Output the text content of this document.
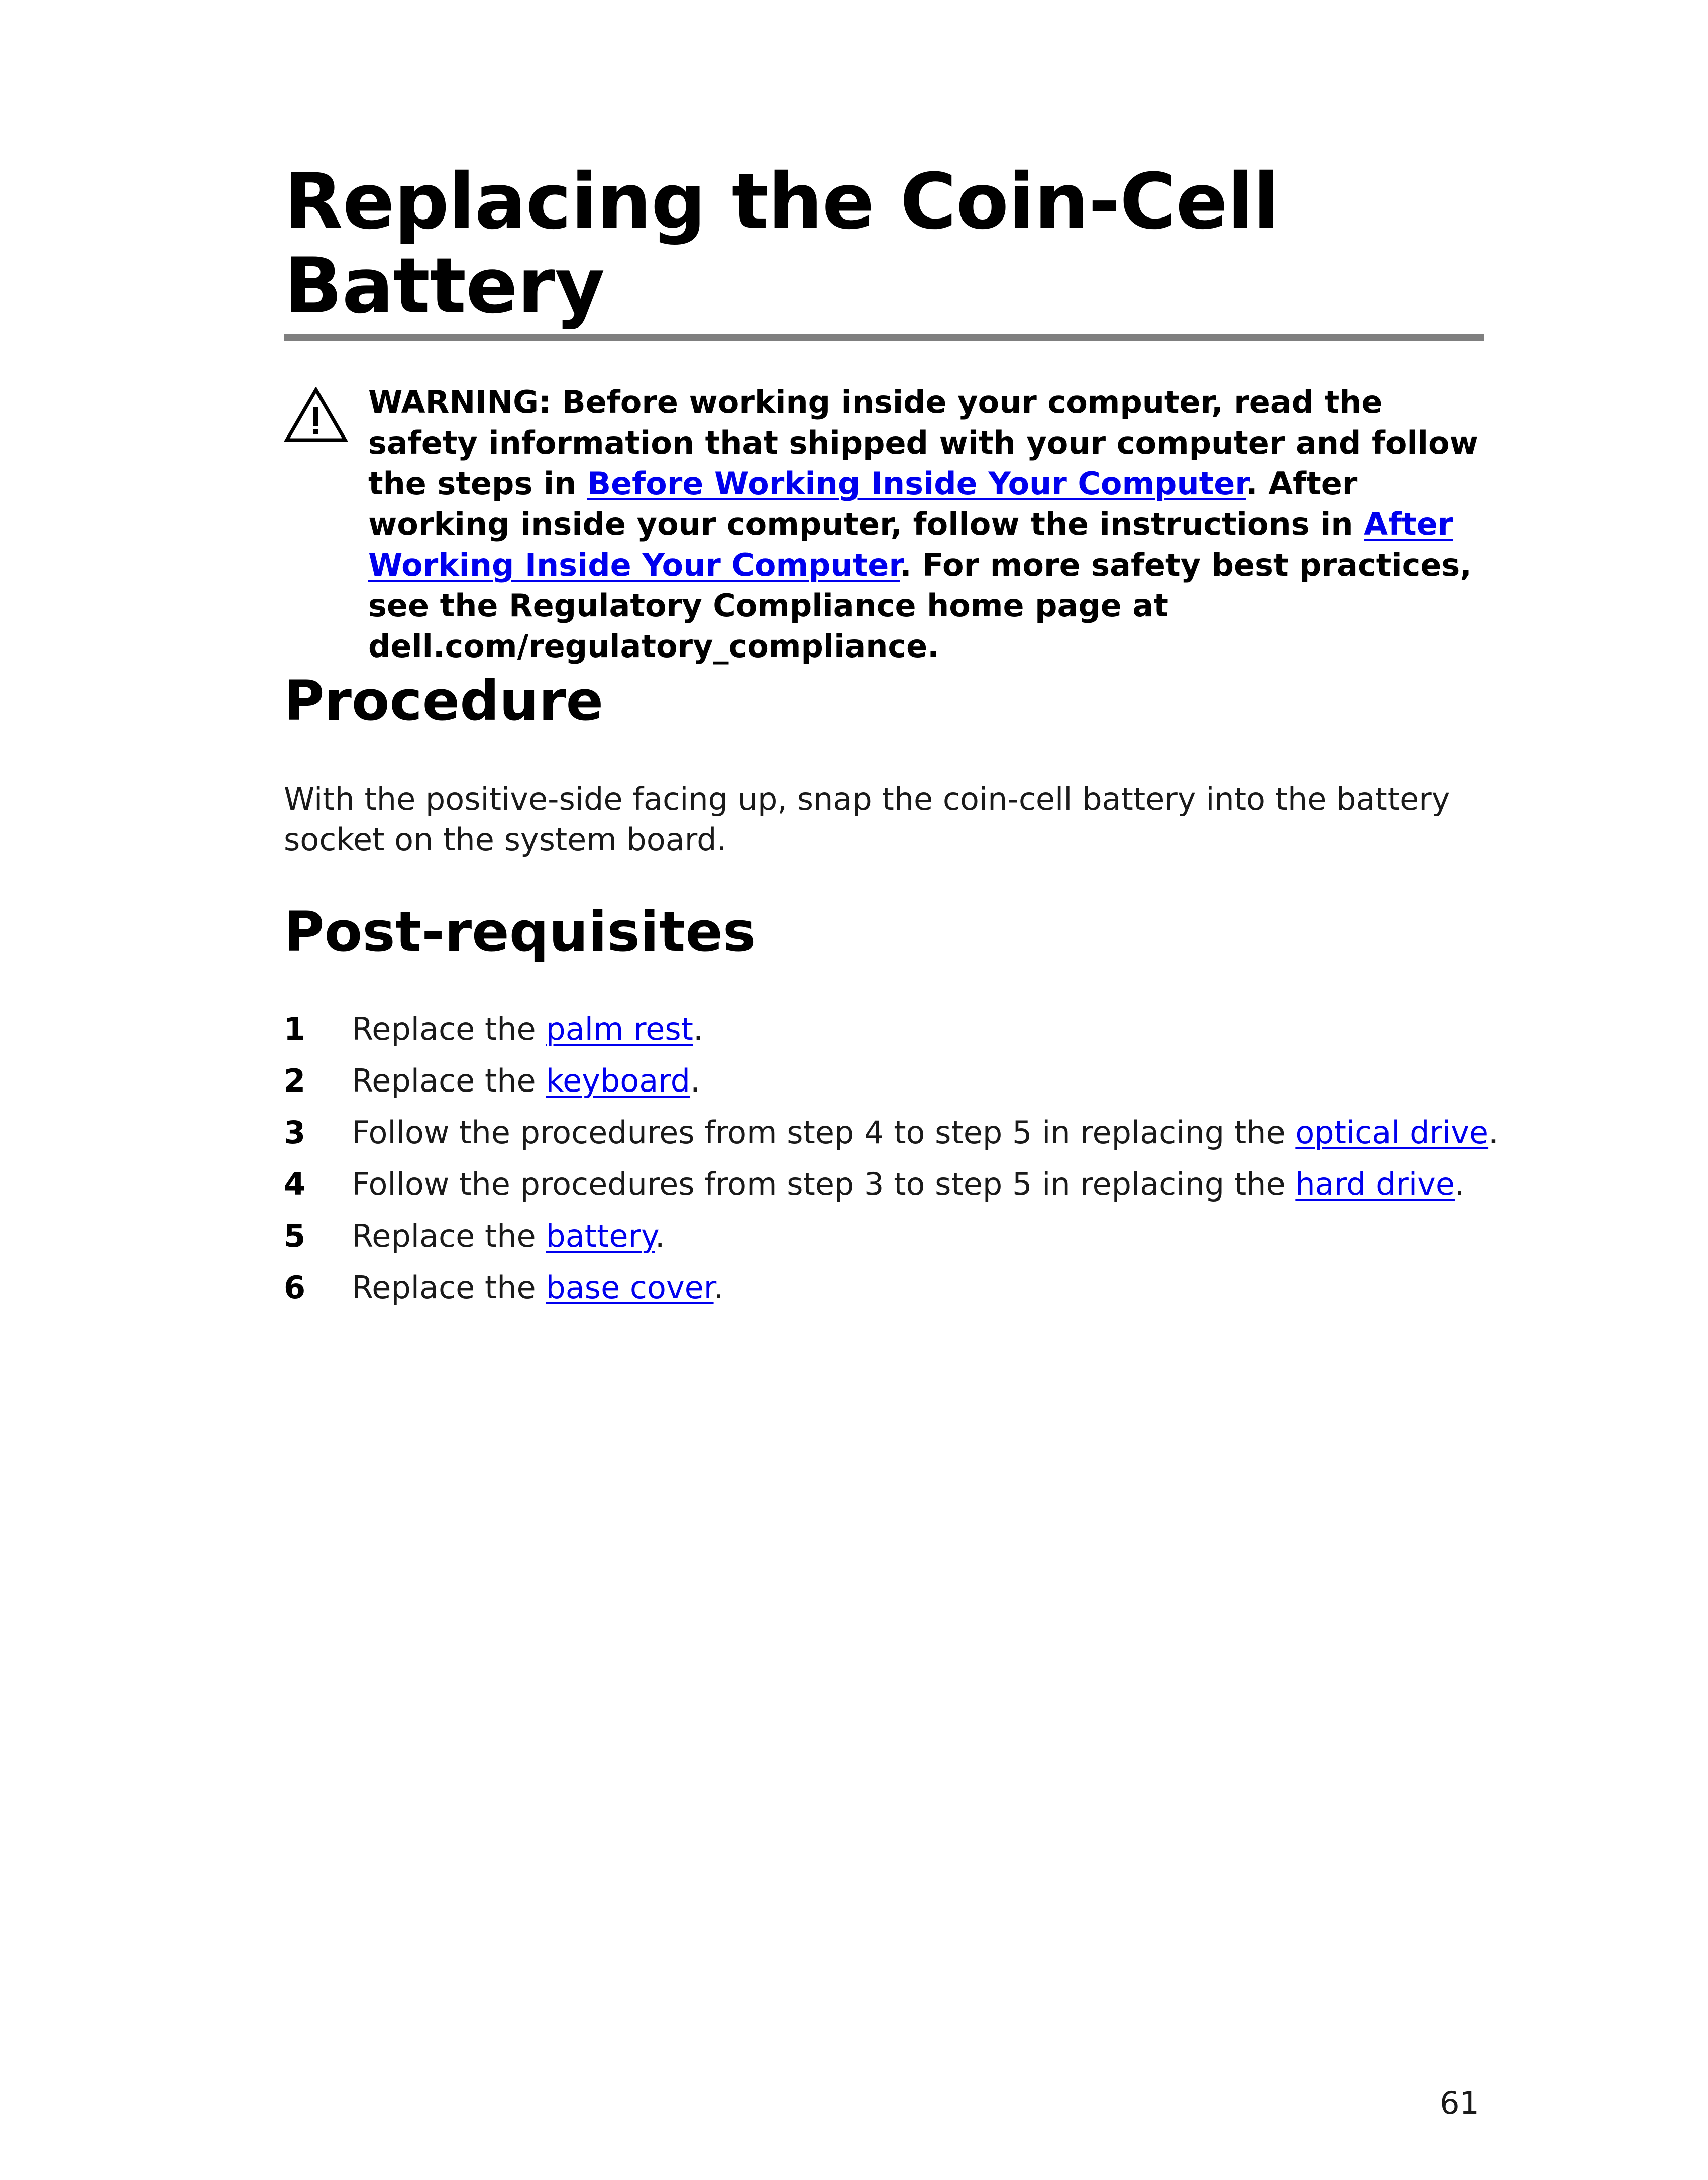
Replacing the Coin-Cell Battery

WARNING: Before working inside your computer, read the safety information that shipped with your computer and follow the steps in Before Working Inside Your Computer. After working inside your computer, follow the instructions in After Working Inside Your Computer. For more safety best practices, see the Regulatory Compliance home page at dell.com/regulatory_compliance.

Procedure

With the positive-side facing up, snap the coin-cell battery into the battery socket on the system board.

Post-requisites
1 Replace the palm rest.
2 Replace the keyboard.
3 Follow the procedures from step 4 to step 5 in replacing the optical drive.
4 Follow the procedures from step 3 to step 5 in replacing the hard drive.
5 Replace the battery.
6 Replace the base cover.
61
